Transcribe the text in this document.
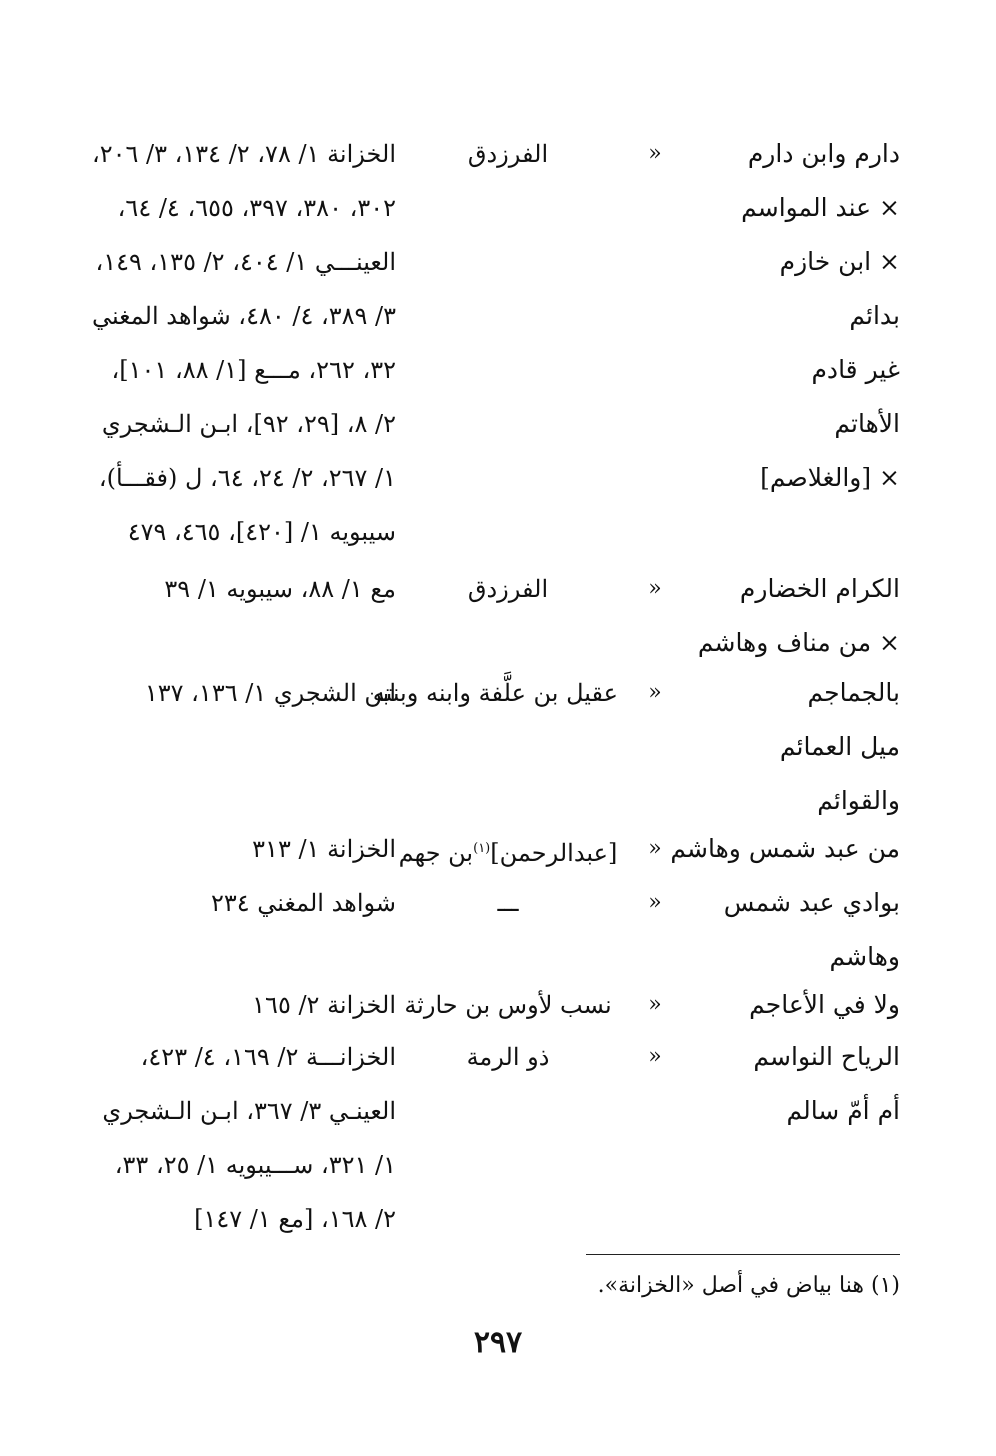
دارم وابن دارم
«
الفرزدق
الخزانة ١/ ٧٨، ٢/ ١٣٤، ٣/ ٢٠٦،
× عند المواسم
٣٠٢، ٣٨٠، ٣٩٧، ٦٥٥، ٤/ ٦٤،
× ابن خازم
العينـــي ١/ ٤٠٤، ٢/ ١٣٥، ١٤٩،
بدائم
٣/ ٣٨٩، ٤/ ٤٨٠، شواهد المغني
غير قادم
٣٢، ٢٦٢، مـــع [١/ ٨٨، ١٠١]،
الأهاتم
٢/ ٨، [٢٩، ٩٢]، ابـن الـشجري
× [والغلاصم]
١/ ٢٦٧، ٢/ ٢٤، ٦٤، ل (فقـــأ)،
سيبويه ١/ [٤٢٠]، ٤٦٥، ٤٧٩
الكرام الخضارم
«
الفرزدق
مع ١/ ٨٨، سيبويه ١/ ٣٩
× من مناف وهاشم
بالجماجم
«
عقيل بن علَّفة وابنه وبنته
ابن الشجري ١/ ١٣٦، ١٣٧
ميل العمائم
والقوائم
من عبد شمس وهاشم
«
[عبدالرحمن]$^{(١)}$بن جهم
الخزانة ١/ ٣١٣
بوادي عبد شمس
«
ـــ
شواهد المغني ٢٣٤
وهاشم
ولا في الأعاجم
«
نسب لأوس بن حارثة
الخزانة ٢/ ١٦٥
الرياح النواسم
«
ذو الرمة
الخزانـــة ٢/ ١٦٩، ٤/ ٤٢٣،
أم أمّ سالم
العينـي ٣/ ٣٦٧، ابـن الـشجري
١/ ٣٢١، ســـيبويه ١/ ٢٥، ٣٣،
٢/ ١٦٨، [مع ١/ ١٤٧]
(١) هنا بياض في أصل «الخزانة».
٢٩٧
